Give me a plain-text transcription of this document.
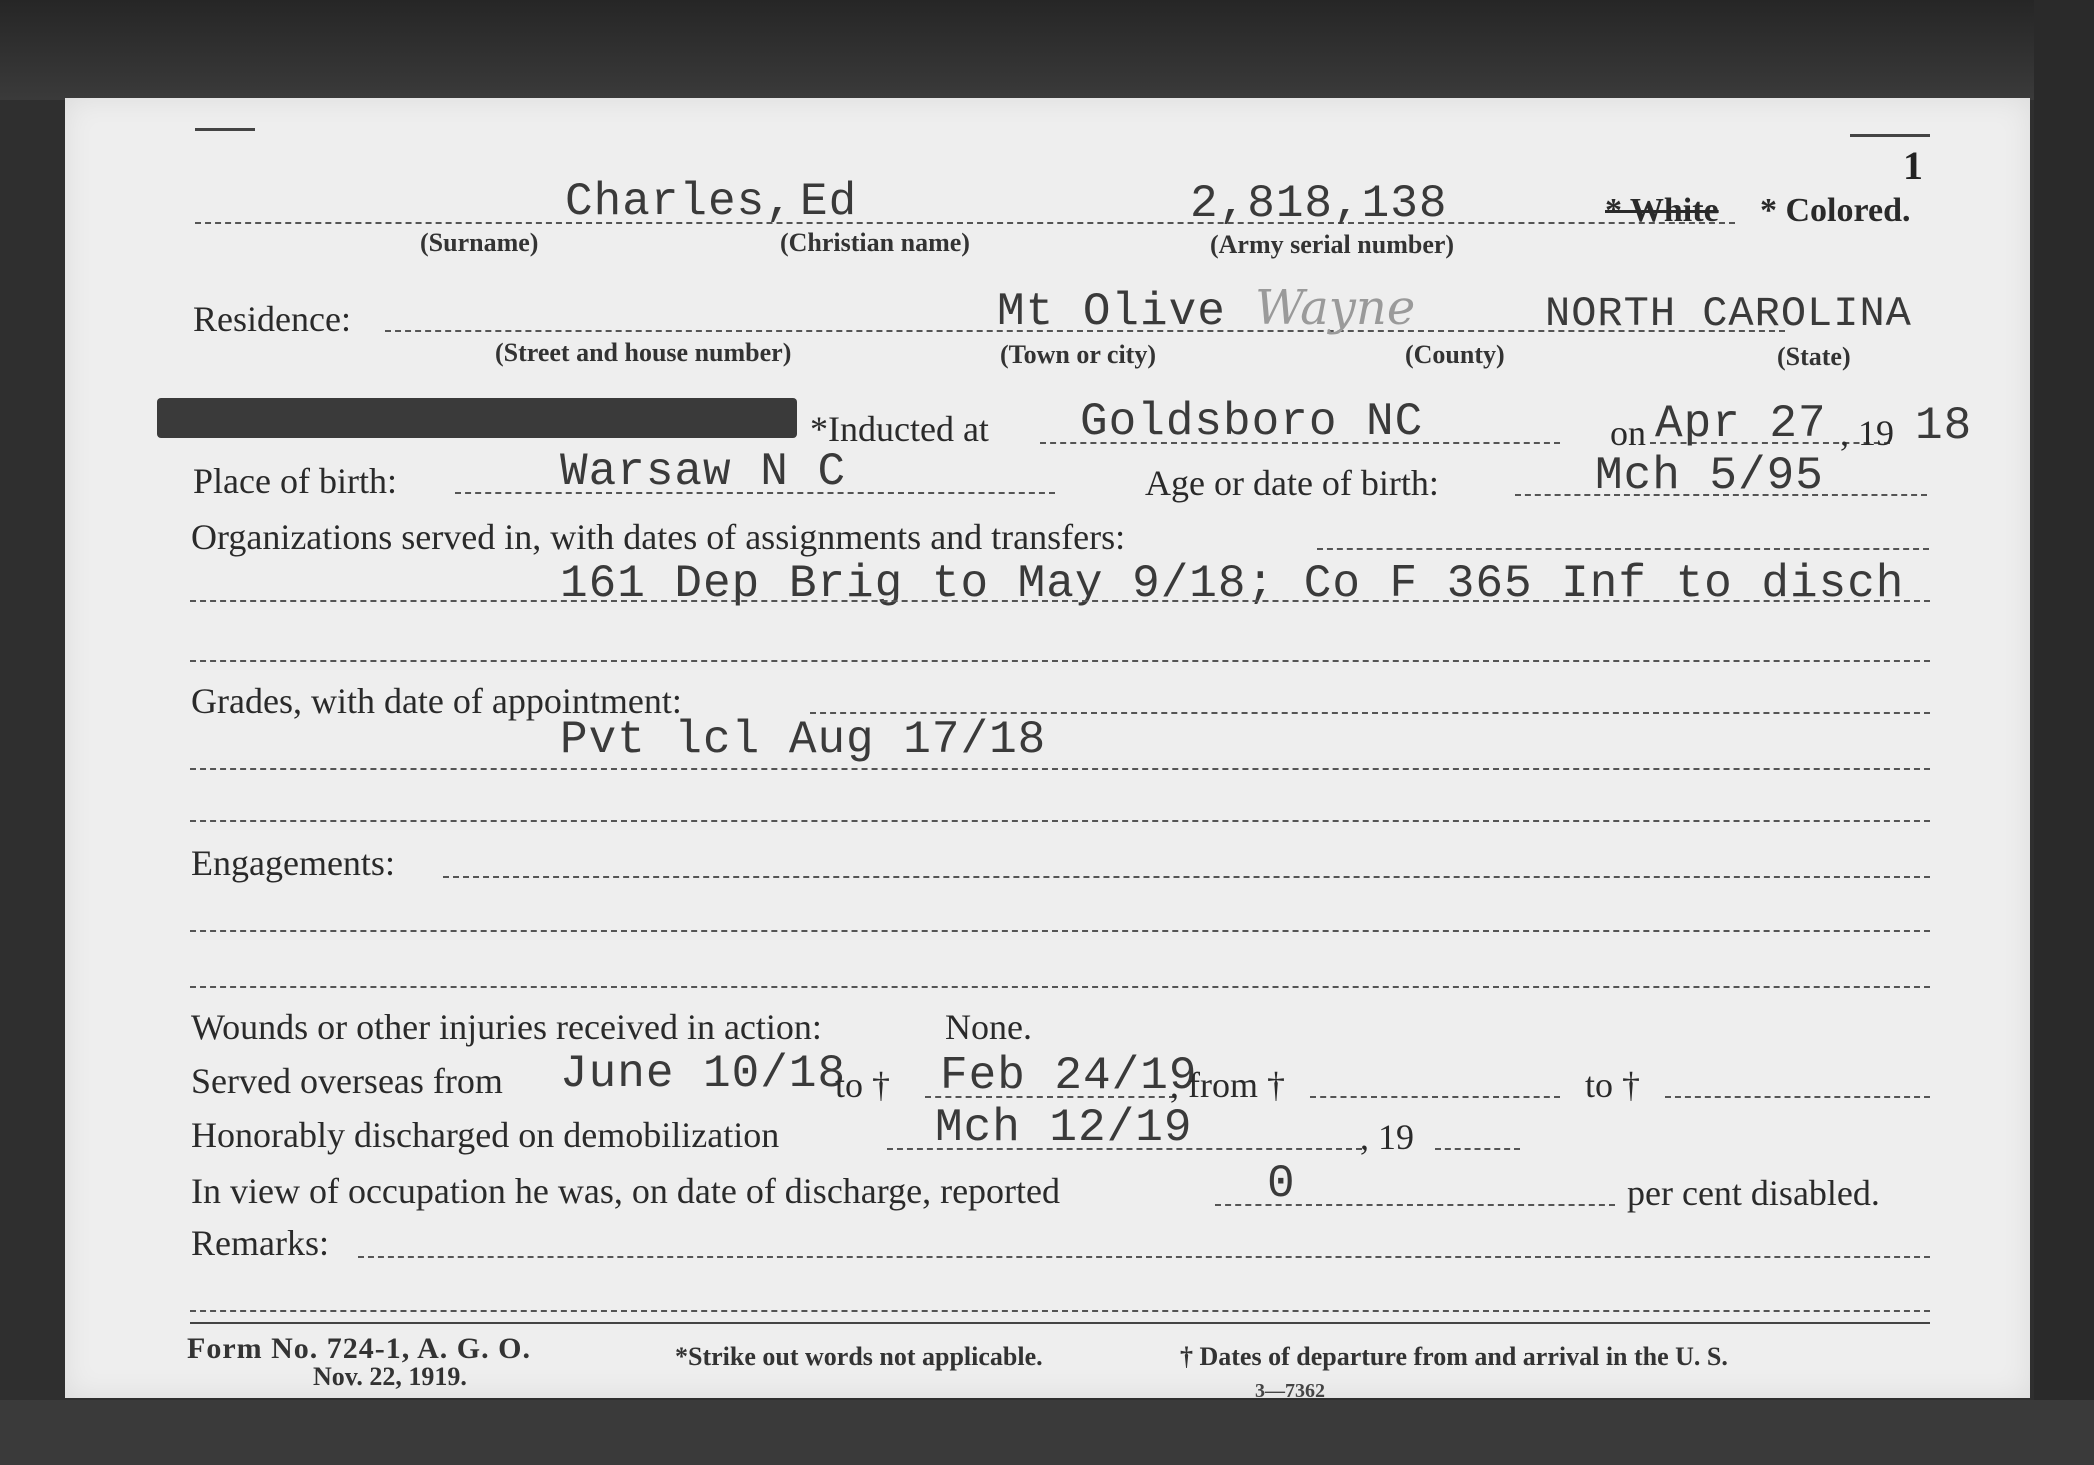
1
Charles, Ed	2,818,138
(Surname)	(Christian name)	(Army serial number)
* White * Colored.
Residence:	Mt Olive Wayne	NORTH CAROLINA
(Street and house number)	(Town or city)	(County)	(State)
*Inducted at Goldsboro NC	on Apr 27 , 19 18
Place of birth:	Warsaw N C	Age or date of birth:	Mch 5/95
Organizations served in, with dates of assignments and transfers:
161 Dep Brig to May 9/18; Co F 365 Inf to disch
Grades, with date of appointment:
Pvt lcl Aug 17/18
Engagements:
Wounds or other injuries received in action:	None.
Served overseas from June 10/18
to † Feb 24/19
, from †	to †
Honorably discharged on demobilization	Mch 12/19	, 19
In view of occupation he was, on date of discharge, reported	0	per cent disabled.
Remarks:
Form No. 724-1, A. G. O.
Nov. 22, 1919.
*Strike out words not applicable.	† Dates of departure from and arrival in the U. S.
3—7362
